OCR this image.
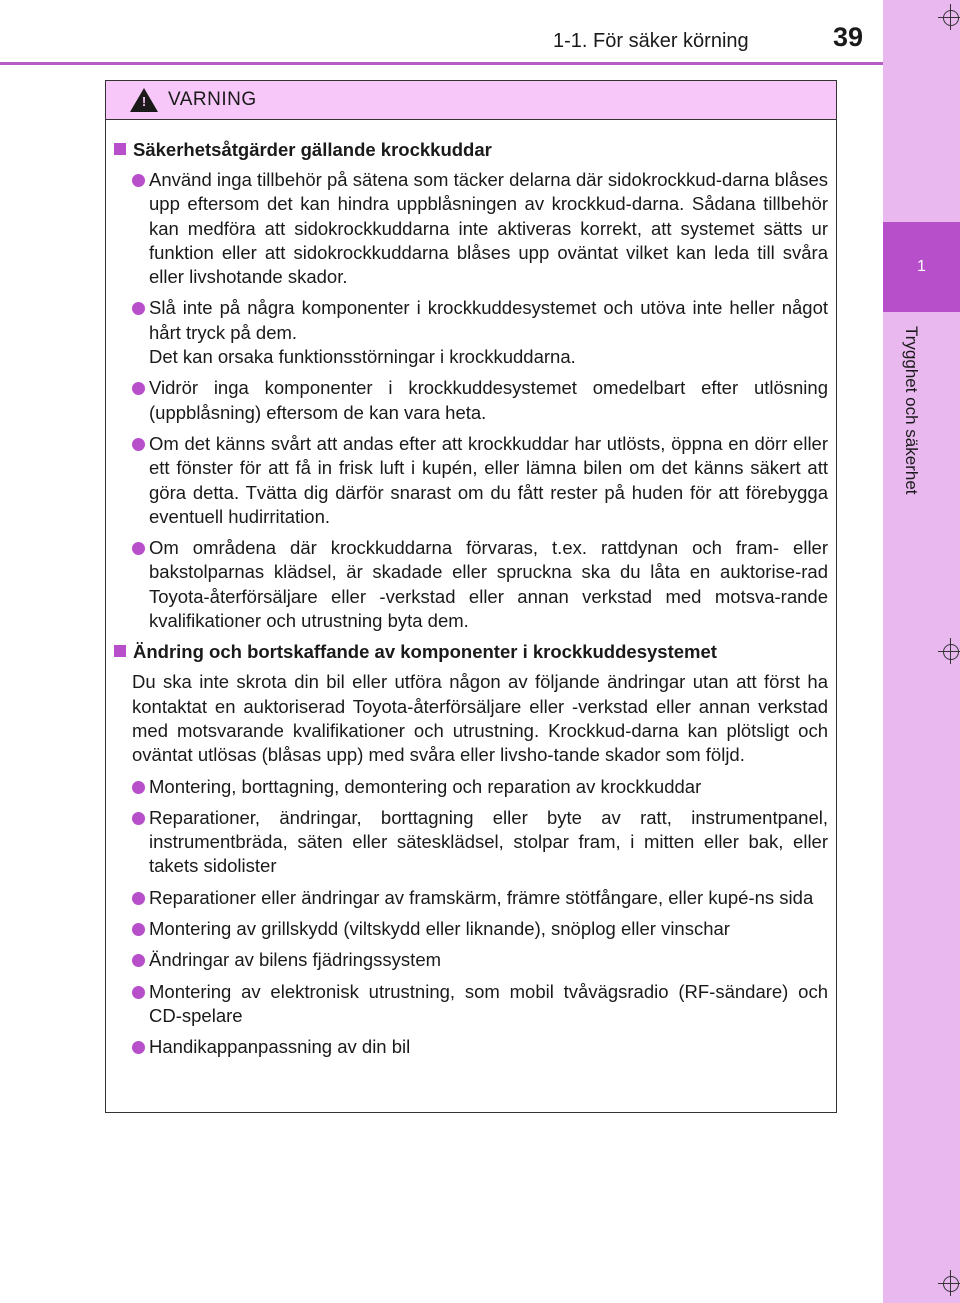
1-1. För säker körning	39
1
Trygghet och säkerhet
! VARNING
Säkerhetsåtgärder gällande krockkuddar
Använd inga tillbehör på sätena som täcker delarna där sidokrockkud-darna blåses upp eftersom det kan hindra uppblåsningen av krockkud-darna. Sådana tillbehör kan medföra att sidokrockkuddarna inte aktiveras korrekt, att systemet sätts ur funktion eller att sidokrockkuddarna blåses upp oväntat vilket kan leda till svåra eller livshotande skador.
Slå inte på några komponenter i krockkuddesystemet och utöva inte heller något hårt tryck på dem.
Det kan orsaka funktionsstörningar i krockkuddarna.
Vidrör inga komponenter i krockkuddesystemet omedelbart efter utlösning (uppblåsning) eftersom de kan vara heta.
Om det känns svårt att andas efter att krockkuddar har utlösts, öppna en dörr eller ett fönster för att få in frisk luft i kupén, eller lämna bilen om det känns säkert att göra detta. Tvätta dig därför snarast om du fått rester på huden för att förebygga eventuell hudirritation.
Om områdena där krockkuddarna förvaras, t.ex. rattdynan och fram- eller bakstolparnas klädsel, är skadade eller spruckna ska du låta en auktorise-rad Toyota-återförsäljare eller -verkstad eller annan verkstad med motsva-rande kvalifikationer och utrustning byta dem.
Ändring och bortskaffande av komponenter i krockkuddesystemet
Du ska inte skrota din bil eller utföra någon av följande ändringar utan att först ha kontaktat en auktoriserad Toyota-återförsäljare eller -verkstad eller annan verkstad med motsvarande kvalifikationer och utrustning. Krockkud-darna kan plötsligt och oväntat utlösas (blåsas upp) med svåra eller livsho-tande skador som följd.
Montering, borttagning, demontering och reparation av krockkuddar
Reparationer, ändringar, borttagning eller byte av ratt, instrumentpanel, instrumentbräda, säten eller sätesklädsel, stolpar fram, i mitten eller bak, eller takets sidolister
Reparationer eller ändringar av framskärm, främre stötfångare, eller kupé-ns sida
Montering av grillskydd (viltskydd eller liknande), snöplog eller vinschar
Ändringar av bilens fjädringssystem
Montering av elektronisk utrustning, som mobil tvåvägsradio (RF-sändare) och CD-spelare
Handikappanpassning av din bil
